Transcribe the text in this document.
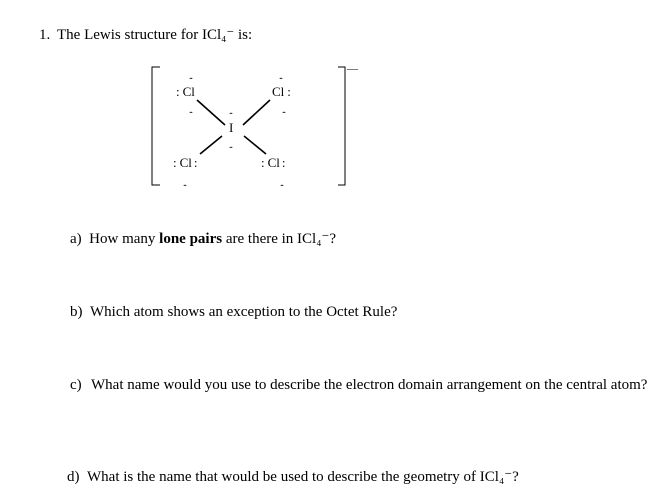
1. The Lewis structure for ICl₄⁻ is:
—
I
..
..
: Cl
..
..
Cl :
..
..
: Cl :
..
: Cl :
..
a) How many lone pairs are there in ICl₄⁻?
b) Which atom shows an exception to the Octet Rule?
c) What name would you use to describe the electron domain arrangement on the central atom?
d) What is the name that would be used to describe the geometry of ICl₄⁻?
